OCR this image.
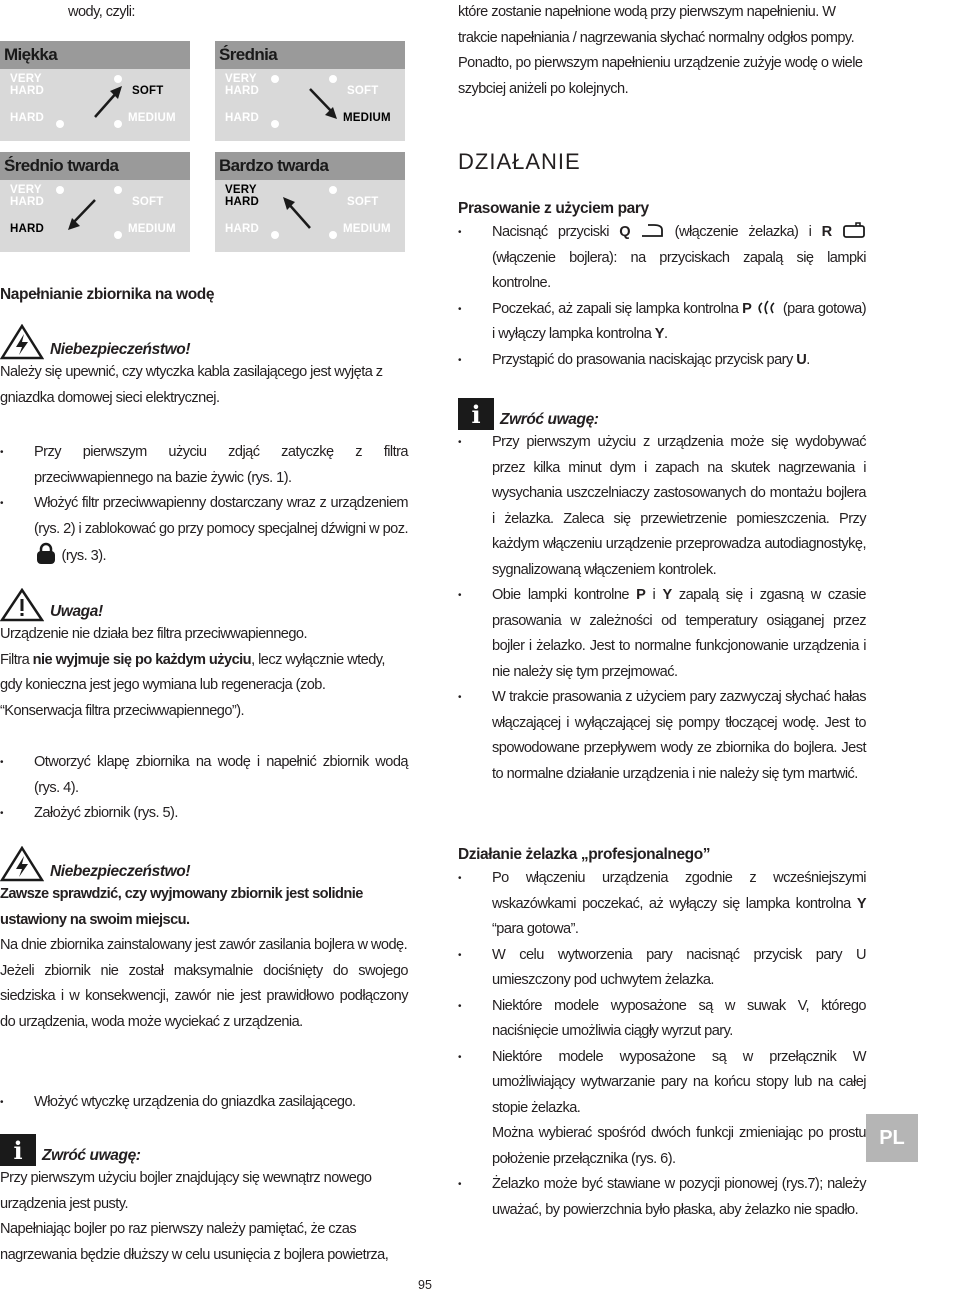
wody, czyli:
Miękka
VERY
HARD	SOFT
HARD	MEDIUM
Średnia
VERY
HARD	SOFT
HARD	MEDIUM
Średnio twarda
VERY
HARD	SOFT
HARD	MEDIUM
Bardzo twarda
VERY
HARD	SOFT
HARD	MEDIUM
Napełnianie zbiornika na wodę
Niebezpieczeństwo!
Należy się upewnić, czy wtyczka kabla zasilającego jest wyjęta z gniazdka domowej sieci elektrycznej.
• Przy pierwszym użyciu zdjąć zatyczkę z filtra przeciwwapiennego na bazie żywic (rys. 1).
• Włożyć filtr przeciwwapienny dostarczany wraz z urządzeniem (rys. 2) i zablokować go przy pomocy specjalnej dźwigni w poz.  (rys. 3).
Uwaga!
Urządzenie nie działa bez filtra przeciwwapiennego.
Filtra nie wyjmuje się po każdym użyciu, lecz wyłącznie wtedy, gdy konieczna jest jego wymiana lub regeneracja (zob. “Konserwacja filtra przeciwwapiennego”).
• Otworzyć klapę zbiornika na wodę i napełnić zbiornik wodą (rys. 4).
• Założyć zbiornik (rys. 5).
Niebezpieczeństwo!
Zawsze sprawdzić, czy wyjmowany zbiornik jest solidnie ustawiony na swoim miejscu.
Na dnie zbiornika zainstalowany jest zawór zasilania bojlera w wodę.
Jeżeli zbiornik nie został maksymalnie dociśnięty do swojego siedziska i w konsekwencji, zawór nie jest prawidłowo podłączony do urządzenia, woda może wyciekać z urządzenia.
• Włożyć wtyczkę urządzenia do gniazdka zasilającego.
i	Zwróć uwagę:
Przy pierwszym użyciu bojler znajdujący się wewnątrz nowego urządzenia jest pusty.
Napełniając bojler po raz pierwszy należy pamiętać, że czas nagrzewania będzie dłuższy w celu usunięcia z bojlera powietrza,
które zostanie napełnione wodą przy pierwszym napełnieniu. W trakcie napełniania / nagrzewania słychać normalny odgłos pompy. Ponadto, po pierwszym napełnieniu urządzenie zużyje wodę o wiele szybciej aniżeli po kolejnych.
DZIAŁANIE
Prasowanie z użyciem pary
• Nacisnąć przyciski Q  (włączenie żelazka) i R  (włączenie bojlera): na przyciskach zapalą się lampki kontrolne.
• Poczekać, aż zapali się lampka kontrolna P  (para gotowa) i wyłączy lampka kontrolna Y.
• Przystąpić do prasowania naciskając przycisk pary U.
i	Zwróć uwagę:
• Przy pierwszym użyciu z urządzenia może się wydobywać przez kilka minut dym i zapach na skutek nagrzewania i wysychania uszczelniaczy zastosowanych do montażu bojlera i żelazka. Zaleca się przewietrzenie pomieszczenia. Przy każdym włączeniu urządzenie przeprowadza autodiagnostykę, sygnalizowaną włączeniem kontrolek.
• Obie lampki kontrolne P i Y zapalą się i zgasną w czasie prasowania w zależności od temperatury osiąganej przez bojler i żelazko. Jest to normalne funkcjonowanie urządzenia i nie należy się tym przejmować.
• W trakcie prasowania z użyciem pary zazwyczaj słychać hałas włączającej i wyłączającej się pompy tłoczącej wodę. Jest to spowodowane przepływem wody ze zbiornika do bojlera. Jest to normalne działanie urządzenia i nie należy się tym martwić.
Działanie żelazka „profesjonalnego”
• Po włączeniu urządzenia zgodnie z wcześniejszymi wskazówkami poczekać, aż wyłączy się lampka kontrolna Y “para gotowa”.
• W celu wytworzenia pary nacisnąć przycisk pary U umieszczony pod uchwytem żelazka.
• Niektóre modele wyposażone są w suwak V, którego naciśnięcie umożliwia ciągły wyrzut pary.
• Niektóre modele wyposażone są w przełącznik W umożliwiający wytwarzanie pary na końcu stopy lub na całej stopie żelazka.
Można wybierać spośród dwóch funkcji zmieniając po prostu położenie przełącznika (rys. 6).
• Żelazko może być stawiane w pozycji pionowej (rys.7); należy uważać, by powierzchnia było płaska, aby żelazko nie spadło.
PL
95
